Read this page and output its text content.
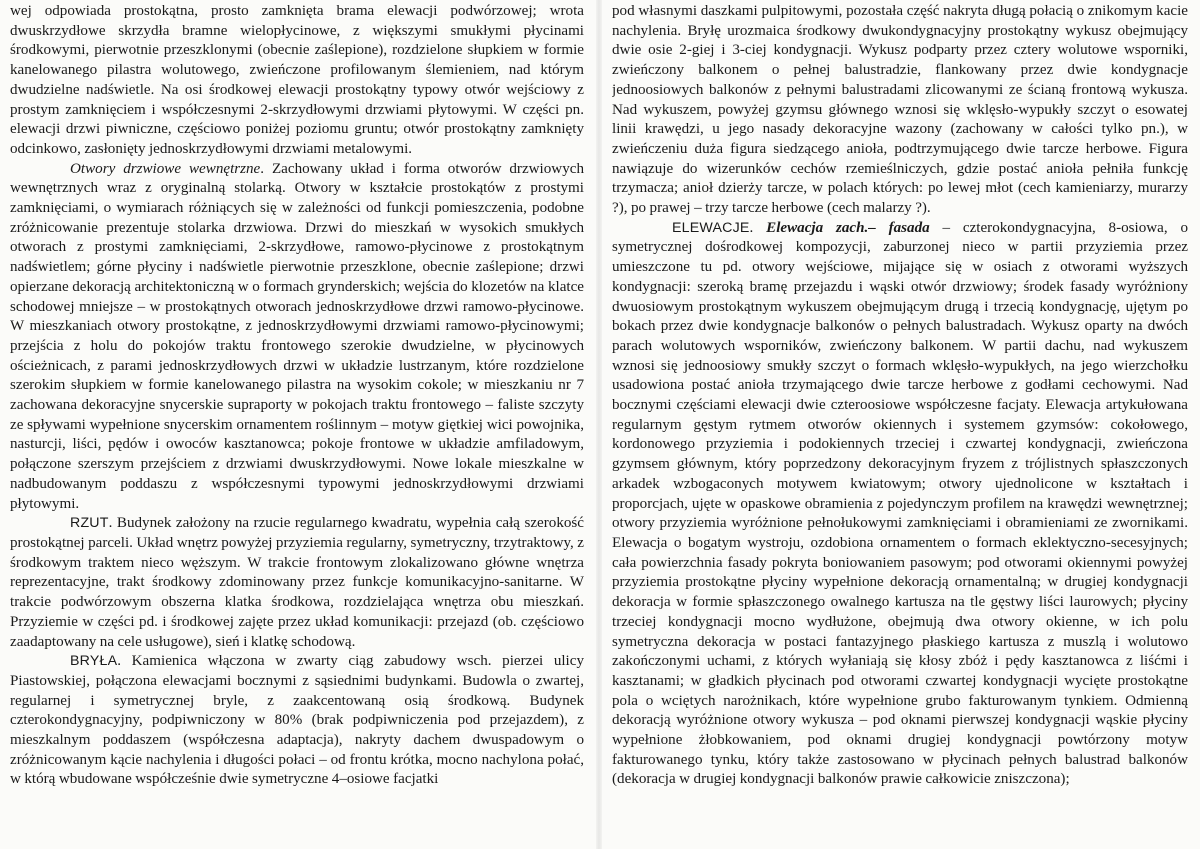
wej odpowiada prostokątna, prosto zamknięta brama elewacji podwórzowej; wrota dwuskrzydłowe skrzydła bramne wielopłycinowe, z większymi smukłymi płycinami środkowymi, pierwotnie przeszklonymi (obecnie zaślepione), rozdzielone słupkiem w formie kanelowanego pilastra wolutowego, zwieńczone profilowanym ślemieniem, nad którym dwudzielne nadświetle. Na osi środkowej elewacji prostokątny typowy otwór wejściowy z prostym zamknięciem i współczesnymi 2-skrzydłowymi drzwiami płytowymi. W części pn. elewacji drzwi piwniczne, częściowo poniżej poziomu gruntu; otwór prostokątny zamknięty odcinkowo, zasłonięty jednoskrzydłowymi drzwiami metalowymi.

Otwory drzwiowe wewnętrzne. Zachowany układ i forma otworów drzwiowych wewnętrznych wraz z oryginalną stolarką. Otwory w kształcie prostokątów z prostymi zamknięciami, o wymiarach różniących się w zależności od funkcji pomieszczenia, podobne zróżnicowanie prezentuje stolarka drzwiowa. Drzwi do mieszkań w wysokich smukłych otworach z prostymi zamknięciami, 2-skrzydłowe, ramowo-płycinowe z prostokątnym nadświetlem; górne płyciny i nadświetle pierwotnie przeszklone, obecnie zaślepione; drzwi opierzane dekoracją architektoniczną w o formach grynderskich; wejścia do klozetów na klatce schodowej mniejsze – w prostokątnych otworach jednoskrzydłowe drzwi ramowo-płycinowe. W mieszkaniach otwory prostokątne, z jednoskrzydłowymi drzwiami ramowo-płycinowymi; przejścia z holu do pokojów traktu frontowego szerokie dwudzielne, w płycinowych ościeżnicach, z parami jednoskrzydłowych drzwi w układzie lustrzanym, które rozdzielone szerokim słupkiem w formie kanelowanego pilastra na wysokim cokole; w mieszkaniu nr 7 zachowana dekoracyjne snycerskie supraporty w pokojach traktu frontowego – faliste szczyty ze spływami wypełnione snycerskim ornamentem roślinnym – motyw giętkiej wici powojnika, nasturcji, liści, pędów i owoców kasztanowca; pokoje frontowe w układzie amfiladowym, połączone szerszym przejściem z drzwiami dwuskrzydłowymi. Nowe lokale mieszkalne w nadbudowanym poddaszu z współczesnymi typowymi jednoskrzydłowymi drzwiami płytowymi.

RZUT. Budynek założony na rzucie regularnego kwadratu, wypełnia całą szerokość prostokątnej parceli. Układ wnętrz powyżej przyziemia regularny, symetryczny, trzytraktowy, z środkowym traktem nieco węższym. W trakcie frontowym zlokalizowano główne wnętrza reprezentacyjne, trakt środkowy zdominowany przez funkcje komunikacyjno-sanitarne. W trakcie podwórzowym obszerna klatka środkowa, rozdzielająca wnętrza obu mieszkań. Przyziemie w części pd. i środkowej zajęte przez układ komunikacji: przejazd (ob. częściowo zaadaptowany na cele usługowe), sień i klatkę schodową.

BRYŁA. Kamienica włączona w zwarty ciąg zabudowy wsch. pierzei ulicy Piastowskiej, połączona elewacjami bocznymi z sąsiednimi budynkami. Budowla o zwartej, regularnej i symetrycznej bryle, z zaakcentowaną osią środkową. Budynek czterokondygnacyjny, podpiwniczony w 80% (brak podpiwniczenia pod przejazdem), z mieszkalnym poddaszem (współczesna adaptacja), nakryty dachem dwuspadowym o zróżnicowanym kącie nachylenia i długości połaci – od frontu krótka, mocno nachylona połać, w którą wbudowane współcześnie dwie symetryczne 4–osiowe facjatki

pod własnymi daszkami pulpitowymi, pozostała część nakryta długą połacią o znikomym kacie nachylenia. Bryłę urozmaica środkowy dwukondygnacyjny prostokątny wykusz obejmujący dwie osie 2-giej i 3-ciej kondygnacji. Wykusz podparty przez cztery wolutowe wsporniki, zwieńczony balkonem o pełnej balustradzie, flankowany przez dwie kondygnacje jednoosiowych balkonów z pełnymi balustradami zlicowanymi ze ścianą frontową wykusza. Nad wykuszem, powyżej gzymsu głównego wznosi się wklęsło-wypukły szczyt o esowatej linii krawędzi, u jego nasady dekoracyjne wazony (zachowany w całości tylko pn.), w zwieńczeniu duża figura siedzącego anioła, podtrzymującego dwie tarcze herbowe. Figura nawiązuje do wizerunków cechów rzemieślniczych, gdzie postać anioła pełniła funkcję trzymacza; anioł dzierży tarcze, w polach których: po lewej młot (cech kamieniarzy, murarzy ?), po prawej – trzy tarcze herbowe (cech malarzy ?).

ELEWACJE. Elewacja zach.– fasada – czterokondygnacyjna, 8-osiowa, o symetrycznej dośrodkowej kompozycji, zaburzonej nieco w partii przyziemia przez umieszczone tu pd. otwory wejściowe, mijające się w osiach z otworami wyższych kondygnacji: szeroką bramę przejazdu i wąski otwór drzwiowy; środek fasady wyróżniony dwuosiowym prostokątnym wykuszem obejmującym drugą i trzecią kondygnację, ujętym po bokach przez dwie kondygnacje balkonów o pełnych balustradach. Wykusz oparty na dwóch parach wolutowych wsporników, zwieńczony balkonem. W partii dachu, nad wykuszem wznosi się jednoosiowy smukły szczyt o formach wklęsło-wypukłych, na jego wierzchołku usadowiona postać anioła trzymającego dwie tarcze herbowe z godłami cechowymi. Nad bocznymi częściami elewacji dwie czteroosiowe współczesne facjaty. Elewacja artykułowana regularnym gęstym rytmem otworów okiennych i systemem gzymsów: cokołowego, kordonowego przyziemia i podokiennych trzeciej i czwartej kondygnacji, zwieńczona gzymsem głównym, który poprzedzony dekoracyjnym fryzem z trójlistnych spłaszczonych arkadek wzbogaconych motywem kwiatowym; otwory ujednolicone w kształtach i proporcjach, ujęte w opaskowe obramienia z pojedynczym profilem na krawędzi wewnętrznej; otwory przyziemia wyróżnione pełnołukowymi zamknięciami i obramieniami ze zwornikami. Elewacja o bogatym wystroju, ozdobiona ornamentem o formach eklektyczno-secesyjnych; cała powierzchnia fasady pokryta boniowaniem pasowym; pod otworami okiennymi powyżej przyziemia prostokątne płyciny wypełnione dekoracją ornamentalną; w drugiej kondygnacji dekoracja w formie spłaszczonego owalnego kartusza na tle gęstwy liści laurowych; płyciny trzeciej kondygnacji mocno wydłużone, obejmują dwa otwory okienne, w ich polu symetryczna dekoracja w postaci fantazyjnego płaskiego kartusza z muszlą i wolutowo zakończonymi uchami, z których wyłaniają się kłosy zbóż i pędy kasztanowca z liśćmi i kasztanami; w gładkich płycinach pod otworami czwartej kondygnacji wycięte prostokątne pola o wciętych narożnikach, które wypełnione grubo fakturowanym tynkiem. Odmienną dekoracją wyróżnione otwory wykusza – pod oknami pierwszej kondygnacji wąskie płyciny wypełnione żłobkowaniem, pod oknami drugiej kondygnacji powtórzony motyw fakturowanego tynku, który także zastosowano w płycinach pełnych balustrad balkonów (dekoracja w drugiej kondygnacji balkonów prawie całkowicie zniszczona);
